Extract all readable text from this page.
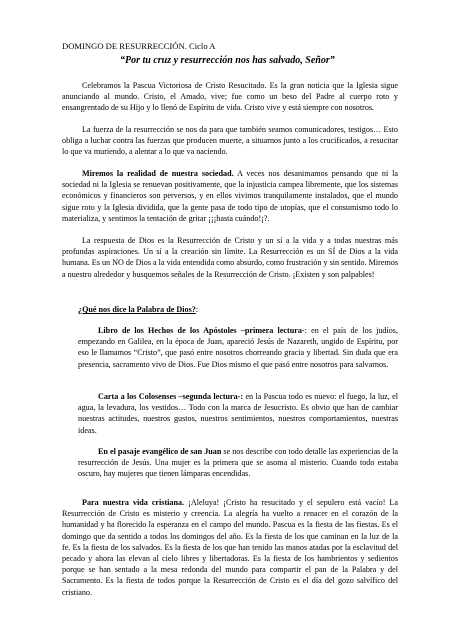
DOMINGO DE RESURRECCIÓN. Ciclo A
“Por tu cruz y resurrección nos has salvado, Señor”

Celebramos la Pascua Victoriosa de Cristo Resucitado. Es la gran noticia que la Iglesia sigue anunciando al mundo. Cristo, el Amado, vive; fue como un beso del Padre al cuerpo roto y ensangrentado de su Hijo y lo llenó de Espíritu de vida. Cristo vive y está siempre con nosotros.

La fuerza de la resurrección se nos da para que también seamos comunicadores, testigos… Esto obliga a luchar contra las fuerzas que producen muerte, a situarnos junto a los crucificados, a resucitar lo que va muriendo, a alentar a lo que va naciendo.

Miremos la realidad de nuestra sociedad. A veces nos desanimamos pensando que ni la sociedad ni la Iglesia se renuevan positivamente, que la injusticia campea libremente, que los sistemas económicos y financieros son perversos, y en ellos vivimos tranquilamente instalados, que el mundo sigue roto y la Iglesia dividida, que la gente pasa de todo tipo de utopías, que el consumismo todo lo materializa, y sentimos la tentación de gritar ¡¡¡hasta cuándo!¡?.

La respuesta de Dios es la Resurrección de Cristo y un sí a la vida y a todas nuestras más profundas aspiraciones. Un sí a la creación sin límite. La Resurrección es un SÍ de Dios a la vida humana. Es un NO de Dios a la vida entendida como absurdo, como frustración y sin sentido. Miremos a nuestro alrededor y busquemos señales de la Resurrección de Cristo. ¡Existen y son palpables!

¿Qué nos dice la Palabra de Dios?:

Libro de los Hechos de los Apóstoles –primera lectura-: en el país de los judíos, empezando en Galilea, en la época de Juan, apareció Jesús de Nazareth, ungido de Espíritu, por eso le llamamos “Cristo”, que pasó entre nosotros chorreando gracia y libertad. Sin duda que era presencia, sacramento vivo de Dios. Fue Dios mismo el que pasó entre nosotros para salvarnos.

Carta a los Colosenses –segunda lectura-: en la Pascua todo es nuevo: el fuego, la luz, el agua, la levadura, los vestidos… Todo con la marca de Jesucristo. Es obvio que han de cambiar nuestras actitudes, nuestros gustos, nuestros sentimientos, nuestros comportamientos, nuestras ideas.

En el pasaje evangélico de san Juan se nos describe con todo detalle las experiencias de la resurrección de Jesús. Una mujer es la primera que se asoma al misterio. Cuando todo estaba oscuro, hay mujeres que tienen lámparas encendidas.

Para nuestra vida cristiana. ¡Aleluya! ¡Cristo ha resucitado y el sepulero está vacío! La Resurrección de Cristo es misterio y creencia. La alegría ha vuelto a renacer en el corazón de la humanidad y ha florecido la esperanza en el campo del mundo. Pascua es la fiesta de las fiestas. Es el domingo que da sentido a todos los domingos del año. Es la fiesta de los que caminan en la luz de la fe. Es la fiesta de los salvados. Es la fiesta de los que han tenido las manos atadas por la esclavitud del pecado y ahora las elevan al cielo libres y libertadoras. Es la fiesta de los hambrientos y sedientos porque se han sentado a la mesa redonda del mundo para compartir el pan de la Palabra y del Sacramento. Es la fiesta de todos porque la Resurrección de Cristo es el día del gozo salvífico del cristiano.
